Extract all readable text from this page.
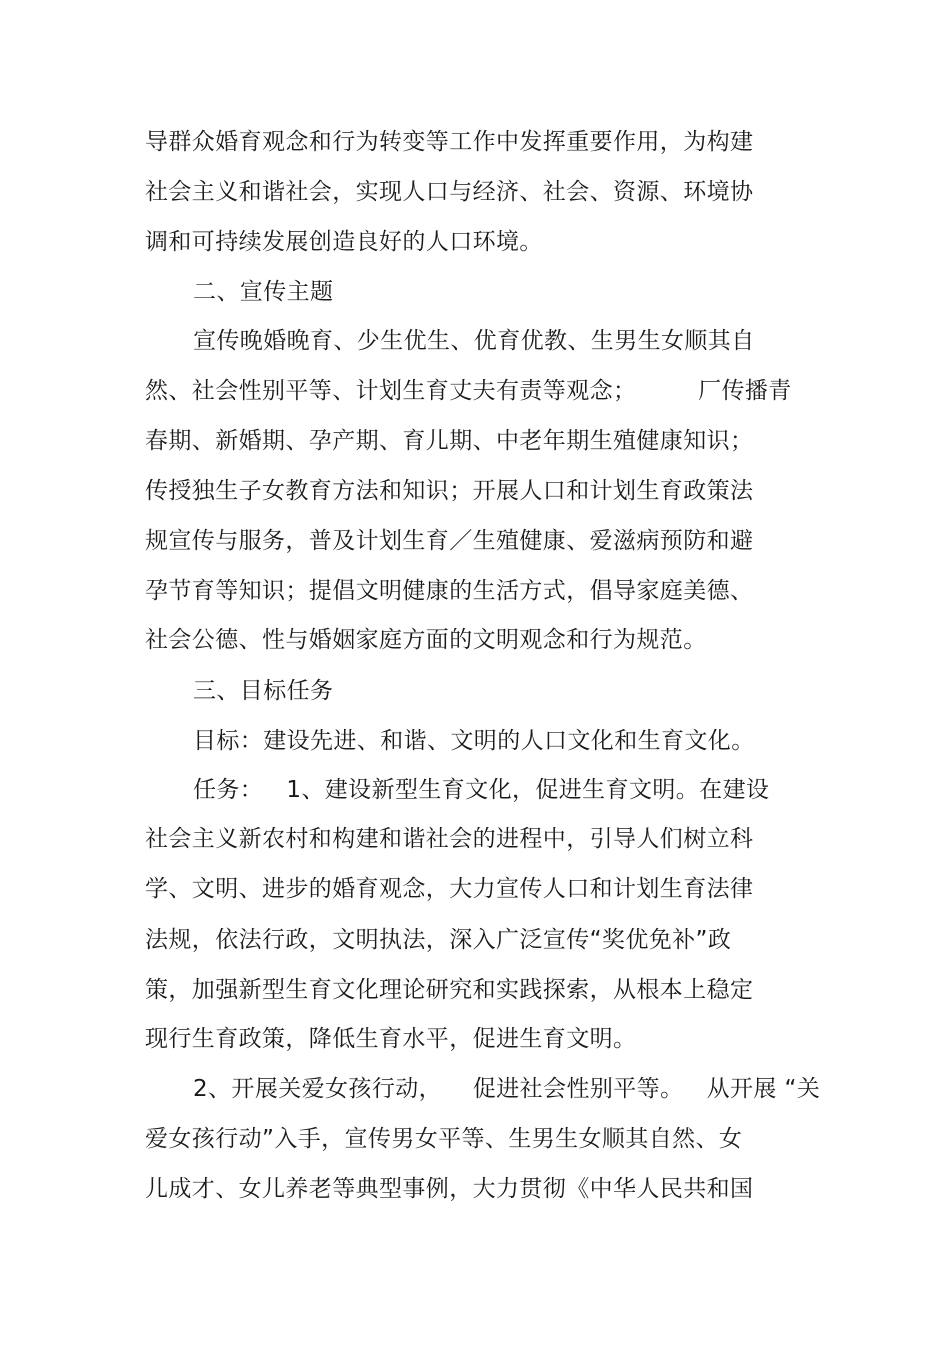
导群众婚育观念和行为转变等工作中发挥重要作用，为构建
社会主义和谐社会，实现人口与经济、社会、资源、环境协
调和可持续发展创造良好的人口环境。
二、宣传主题
宣传晚婚晚育、少生优生、优育优教、生男生女顺其自
然、社会性别平等、计划生育丈夫有责等观念；        厂传播青
春期、新婚期、孕产期、育儿期、中老年期生殖健康知识；
传授独生子女教育方法和知识；开展人口和计划生育政策法
规宣传与服务，普及计划生育／生殖健康、爱滋病预防和避
孕节育等知识；提倡文明健康的生活方式，倡导家庭美德、
社会公德、性与婚姻家庭方面的文明观念和行为规范。
三、目标任务
目标：建设先进、和谐、文明的人口文化和生育文化。
任务：   1、建设新型生育文化，促进生育文明。在建设
社会主义新农村和构建和谐社会的进程中，引导人们树立科
学、文明、进步的婚育观念，大力宣传人口和计划生育法律
法规，依法行政，文明执法，深入广泛宣传“奖优免补”政
策，加强新型生育文化理论研究和实践探索，从根本上稳定
现行生育政策，降低生育水平，促进生育文明。
2、开展关爱女孩行动，    促进社会性别平等。   从开展 “关
爱女孩行动”入手，宣传男女平等、生男生女顺其自然、女
儿成才、女儿养老等典型事例，大力贯彻《中华人民共和国
